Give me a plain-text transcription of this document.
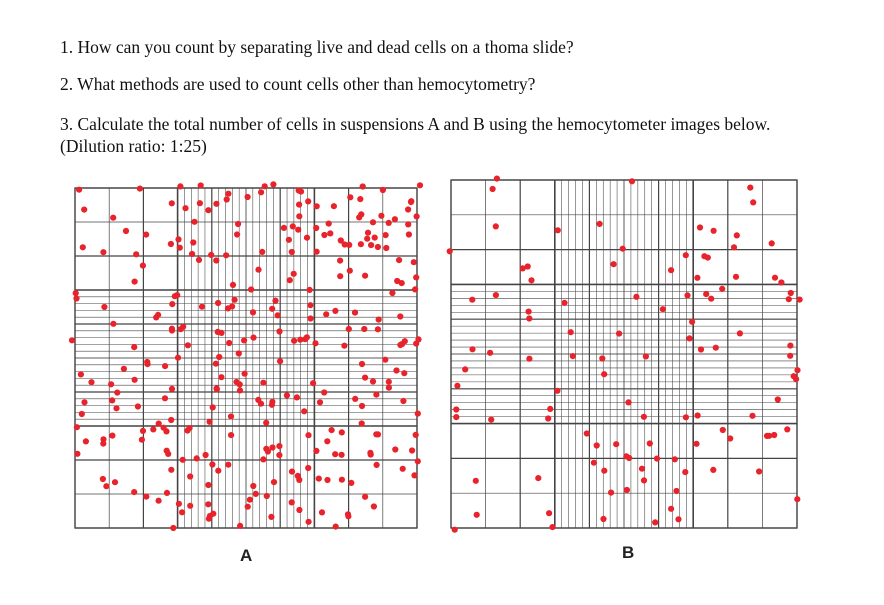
1. How can you count by separating live and dead cells on a thoma slide?

2. What methods are used to count cells other than hemocytometry?

3. Calculate the total number of cells in suspensions A and B using the hemocytometer images below. (Dilution ratio: 1:25)

A	B
